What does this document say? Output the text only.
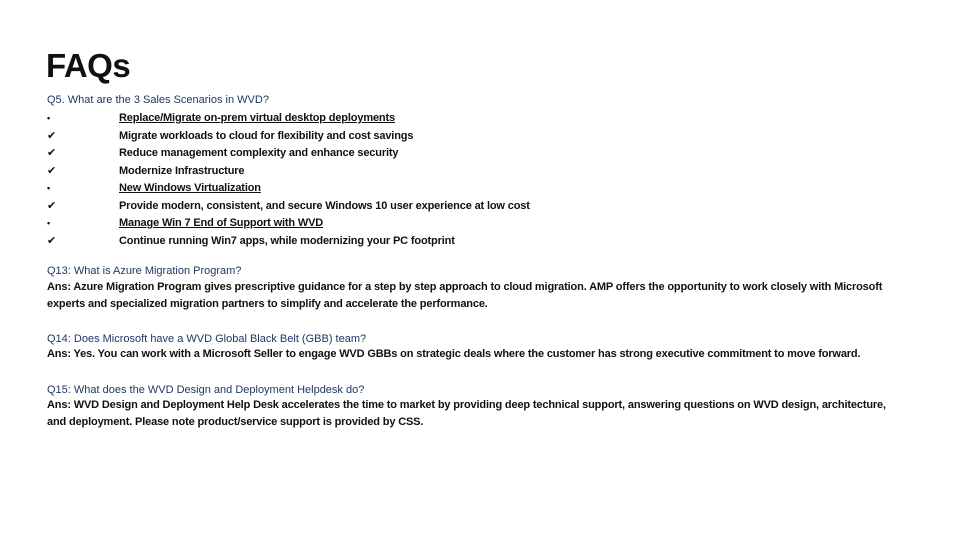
FAQs
Q5. What are the 3 Sales Scenarios in WVD?
•	Replace/Migrate on-prem virtual desktop deployments
✔	Migrate workloads to cloud for flexibility and cost savings
✔	Reduce management complexity and enhance security
✔	Modernize Infrastructure
•	New Windows Virtualization
✔	Provide modern, consistent, and secure Windows 10 user experience at low cost
•	Manage Win 7 End of Support with WVD
✔	Continue running Win7 apps, while modernizing your PC footprint
Q13: What is Azure Migration Program?
Ans: Azure Migration Program gives prescriptive guidance for a step by step approach to cloud migration. AMP offers the opportunity to work closely with Microsoft experts and specialized migration partners to simplify and accelerate the performance.
Q14: Does Microsoft have a WVD Global Black Belt (GBB) team?
Ans: Yes. You can work with a Microsoft Seller to engage WVD GBBs on strategic deals where the customer has strong executive commitment to move forward.
Q15: What does the WVD Design and Deployment Helpdesk do?
Ans: WVD Design and Deployment Help Desk accelerates the time to market by providing deep technical support, answering questions on WVD design, architecture, and deployment. Please note product/service support is provided by CSS.
